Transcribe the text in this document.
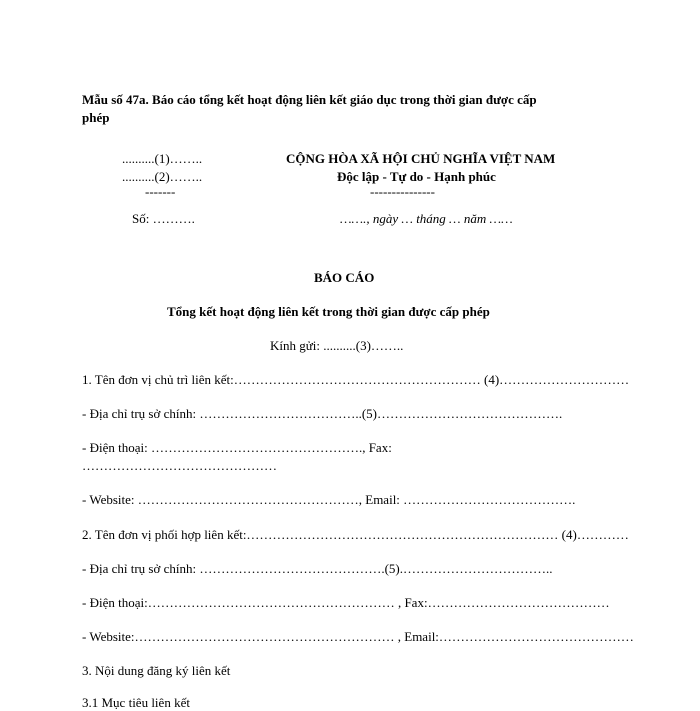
Mẫu số 47a. Báo cáo tổng kết hoạt động liên kết giáo dục trong thời gian được cấp
phép
..........(1)……..
..........(2)……..
-------
Số: ……….
CỘNG HÒA XÃ HỘI CHỦ NGHĨA VIỆT NAM
Độc lập - Tự do - Hạnh phúc
---------------
……., ngày … tháng … năm ……
BÁO CÁO
Tổng kết hoạt động liên kết trong thời gian được cấp phép
Kính gửi: ..........(3)……..
1. Tên đơn vị chủ trì liên kết:………………………………………………… (4)…………………………
- Địa chỉ trụ sở chính: ………………………………..(5)…………………………………….
- Điện thoại: …………………………………………., Fax:
………………………………………
- Website: ……………………………………………, Email: ………………………………….
2. Tên đơn vị phối hợp liên kết:……………………………………………………………… (4)…………
- Địa chỉ trụ sở chính: …………………………………….(5).……………………………..
- Điện thoại:………………………………………………… , Fax:……………………………………
- Website:…………………………………………………… , Email:………………………………………
3. Nội dung đăng ký liên kết
3.1 Mục tiêu liên kết
